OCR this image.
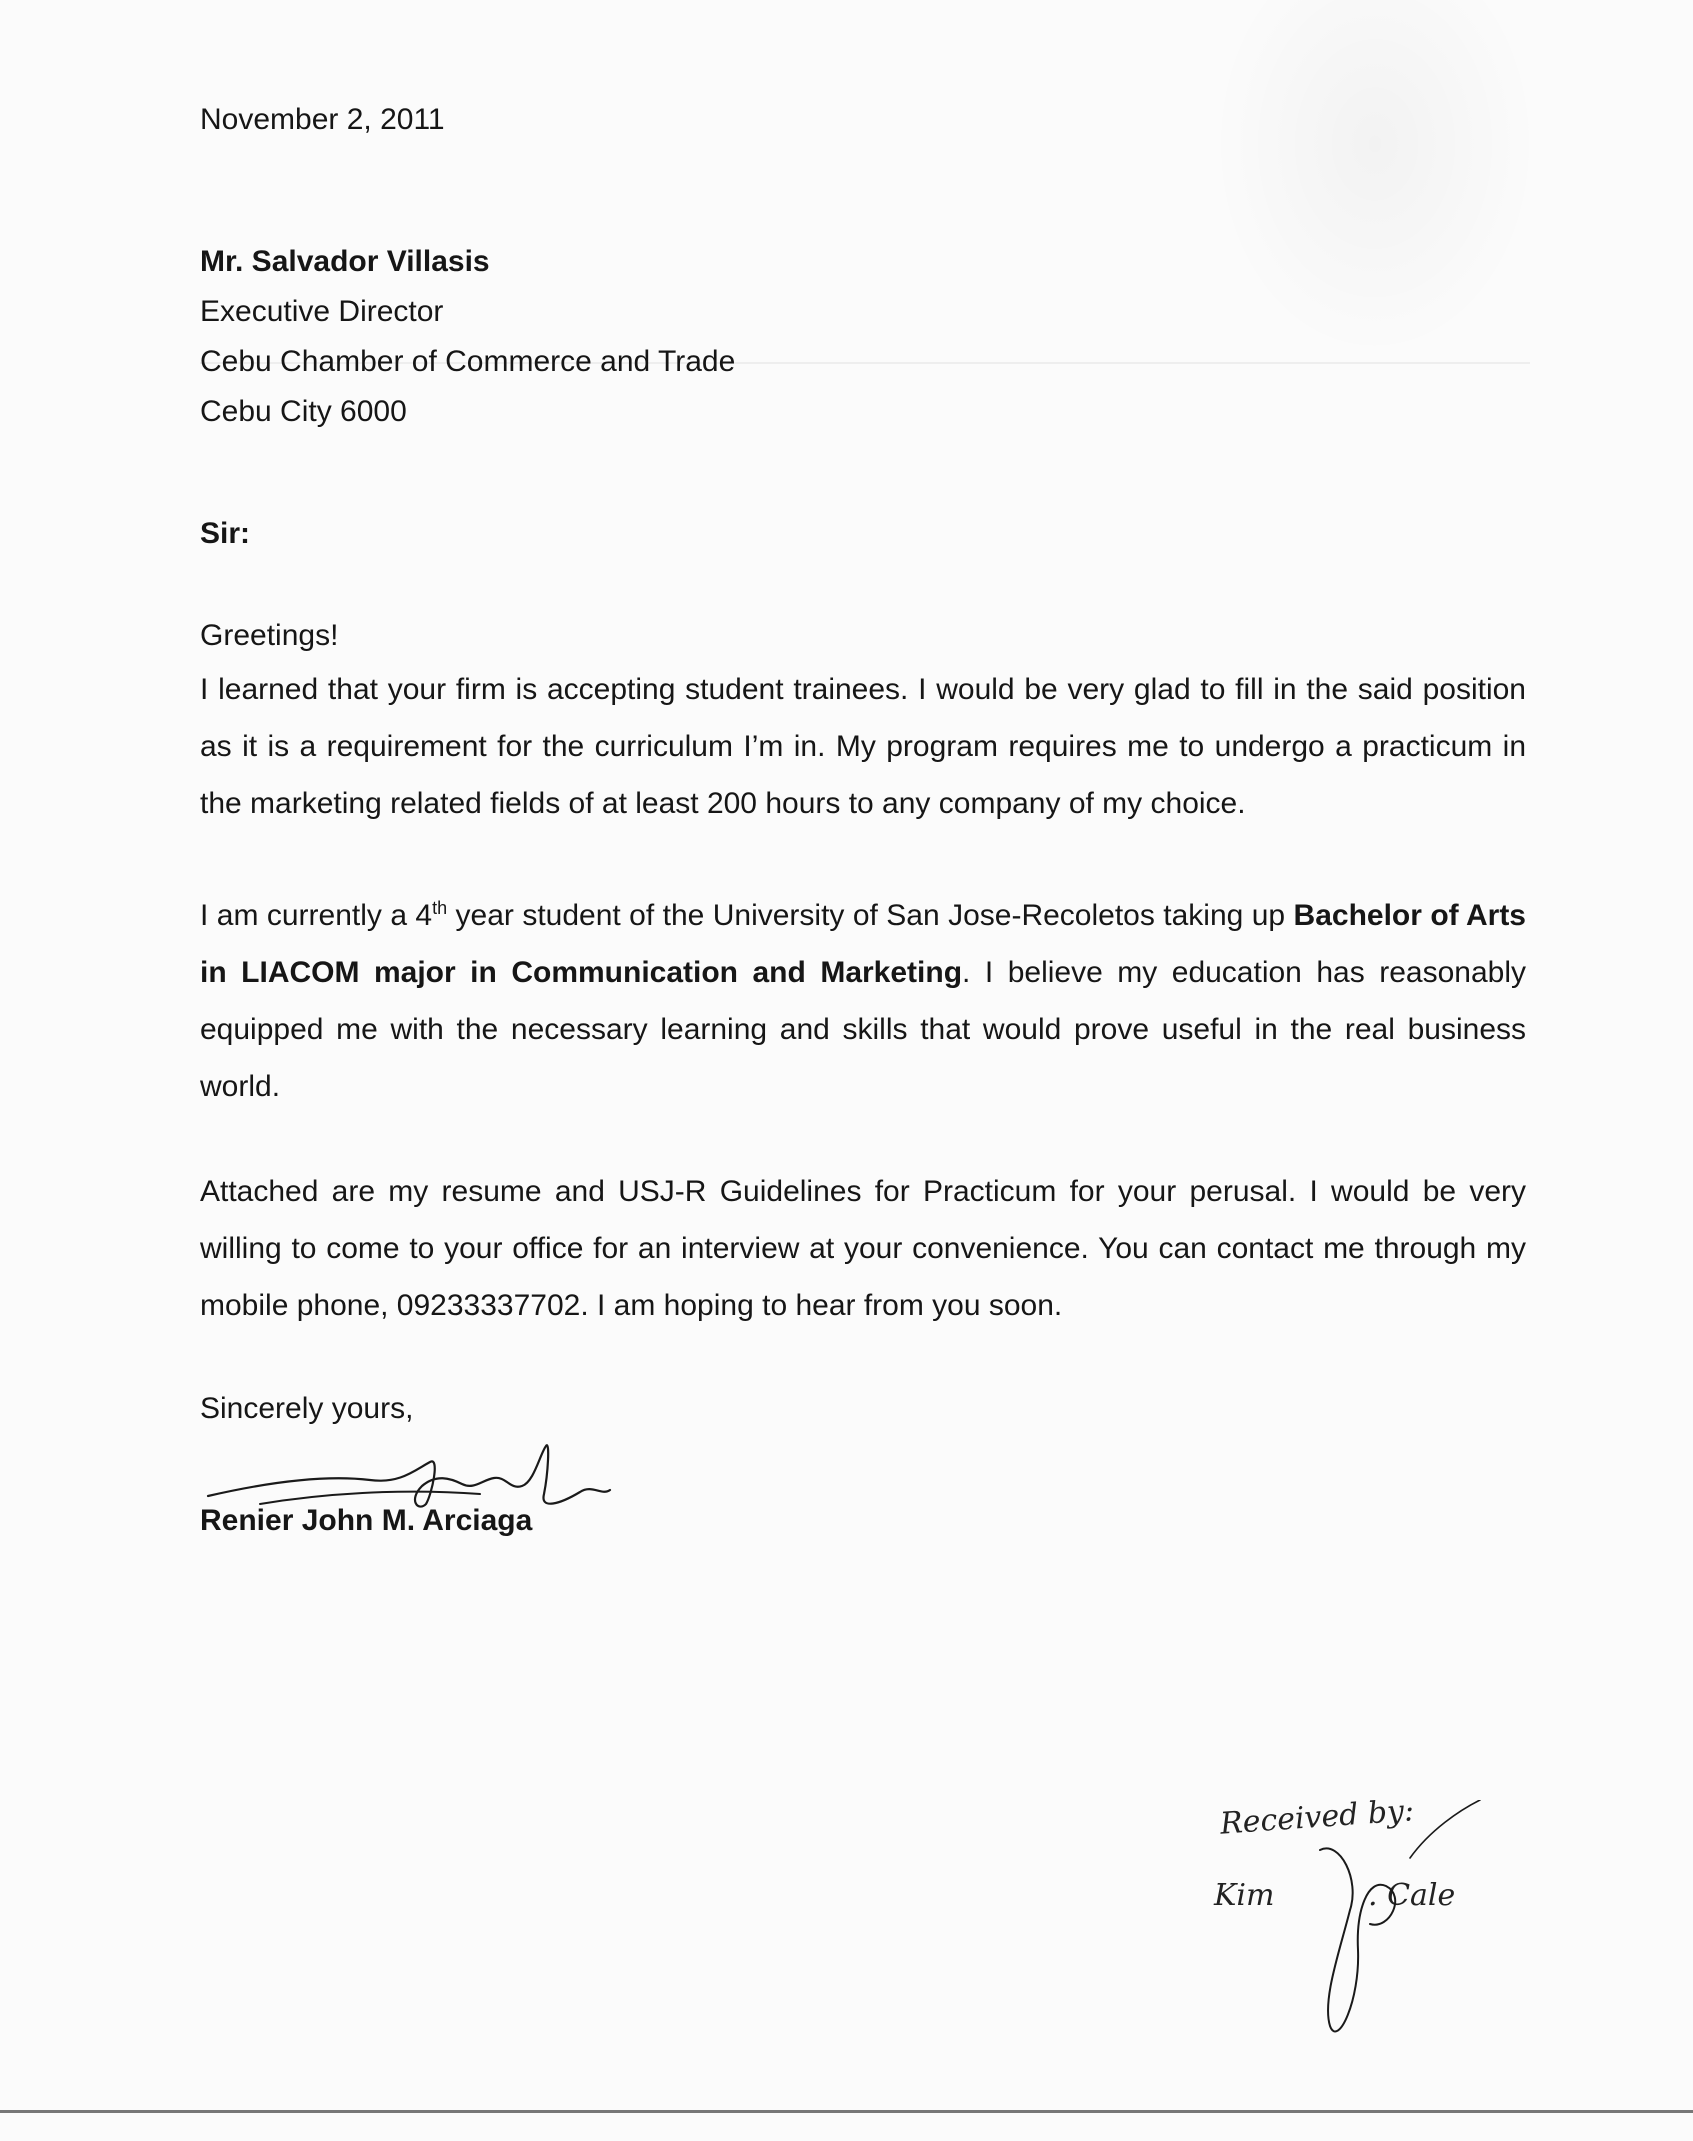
November 2, 2011

Mr. Salvador Villasis

Executive Director

Cebu Chamber of Commerce and Trade

Cebu City 6000

Sir:

Greetings!

I learned that your firm is accepting student trainees. I would be very glad to fill in the said position as it is a requirement for the curriculum I’m in. My program requires me to undergo a practicum in the marketing related fields of at least 200 hours to any company of my choice.

I am currently a 4th year student of the University of San Jose-Recoletos taking up Bachelor of Arts in LIACOM major in Communication and Marketing. I believe my education has reasonably equipped me with the necessary learning and skills that would prove useful in the real business world.

Attached are my resume and USJ-R Guidelines for Practicum for your perusal. I would be very willing to come to your office for an interview at your convenience. You can contact me through my mobile phone, 09233337702. I am hoping to hear from you soon.

Sincerely yours,

Renier John M. Arciaga

Received by:
Kim	. Cale
